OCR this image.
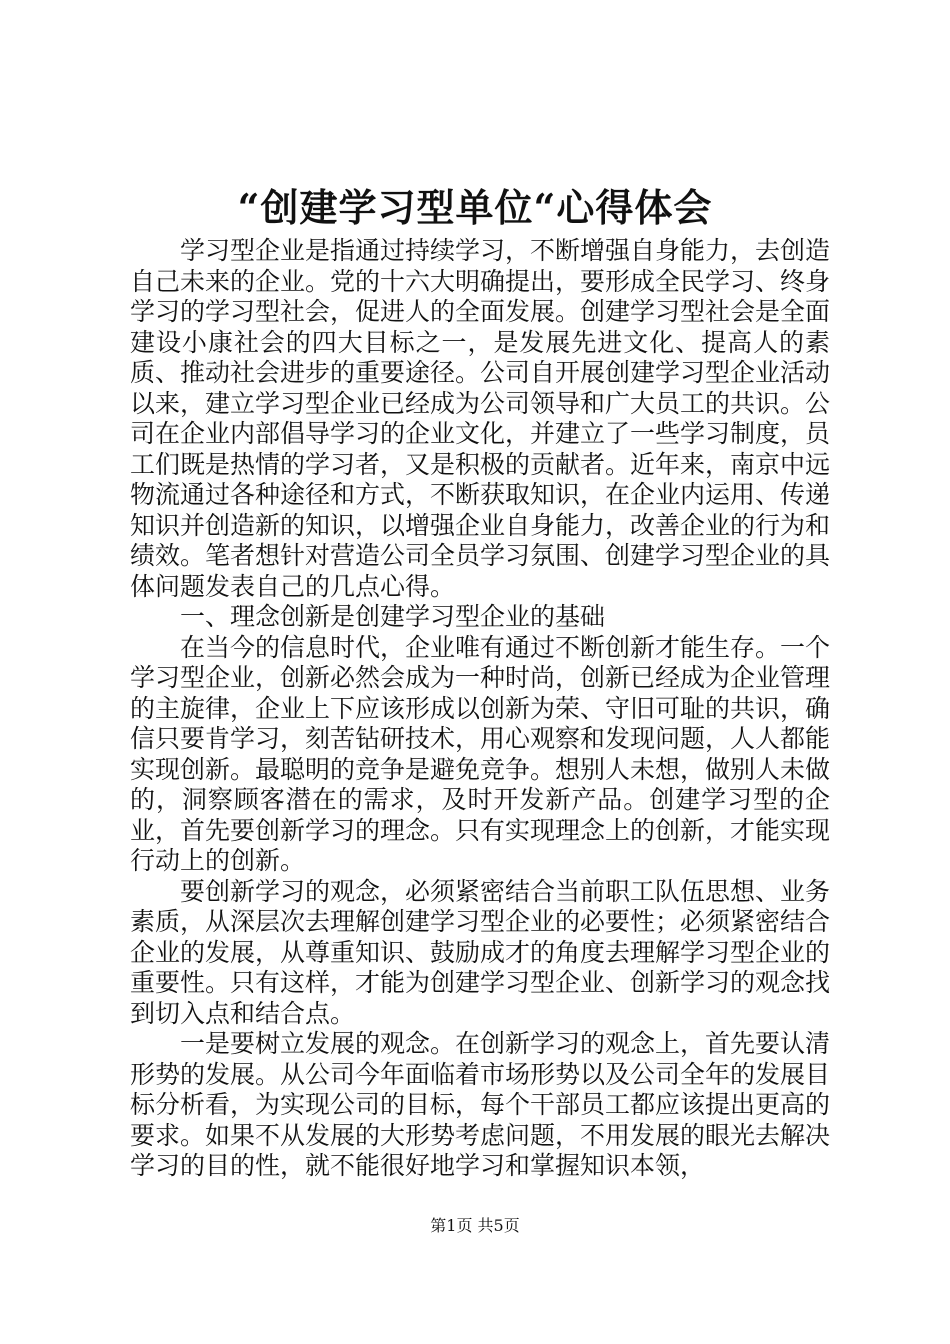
“创建学习型单位“心得体会

学习型企业是指通过持续学习，不断增强自身能力，去创造自己未来的企业。党的十六大明确提出，要形成全民学习、终身学习的学习型社会，促进人的全面发展。创建学习型社会是全面建设小康社会的四大目标之一，是发展先进文化、提高人的素质、推动社会进步的重要途径。公司自开展创建学习型企业活动以来，建立学习型企业已经成为公司领导和广大员工的共识。公司在企业内部倡导学习的企业文化，并建立了一些学习制度，员工们既是热情的学习者，又是积极的贡献者。近年来，南京中远物流通过各种途径和方式，不断获取知识，在企业内运用、传递知识并创造新的知识，以增强企业自身能力，改善企业的行为和绩效。笔者想针对营造公司全员学习氛围、创建学习型企业的具体问题发表自己的几点心得。

一、理念创新是创建学习型企业的基础

在当今的信息时代，企业唯有通过不断创新才能生存。一个学习型企业，创新必然会成为一种时尚，创新已经成为企业管理的主旋律，企业上下应该形成以创新为荣、守旧可耻的共识，确信只要肯学习，刻苦钻研技术，用心观察和发现问题，人人都能实现创新。最聪明的竞争是避免竞争。想别人未想，做别人未做的，洞察顾客潜在的需求，及时开发新产品。创建学习型的企业，首先要创新学习的理念。只有实现理念上的创新，才能实现行动上的创新。

要创新学习的观念，必须紧密结合当前职工队伍思想、业务素质，从深层次去理解创建学习型企业的必要性；必须紧密结合企业的发展，从尊重知识、鼓励成才的角度去理解学习型企业的重要性。只有这样，才能为创建学习型企业、创新学习的观念找到切入点和结合点。

一是要树立发展的观念。在创新学习的观念上，首先要认清形势的发展。从公司今年面临着市场形势以及公司全年的发展目标分析看，为实现公司的目标，每个干部员工都应该提出更高的要求。如果不从发展的大形势考虑问题，不用发展的眼光去解决学习的目的性，就不能很好地学习和掌握知识本领，

第1页 共5页
